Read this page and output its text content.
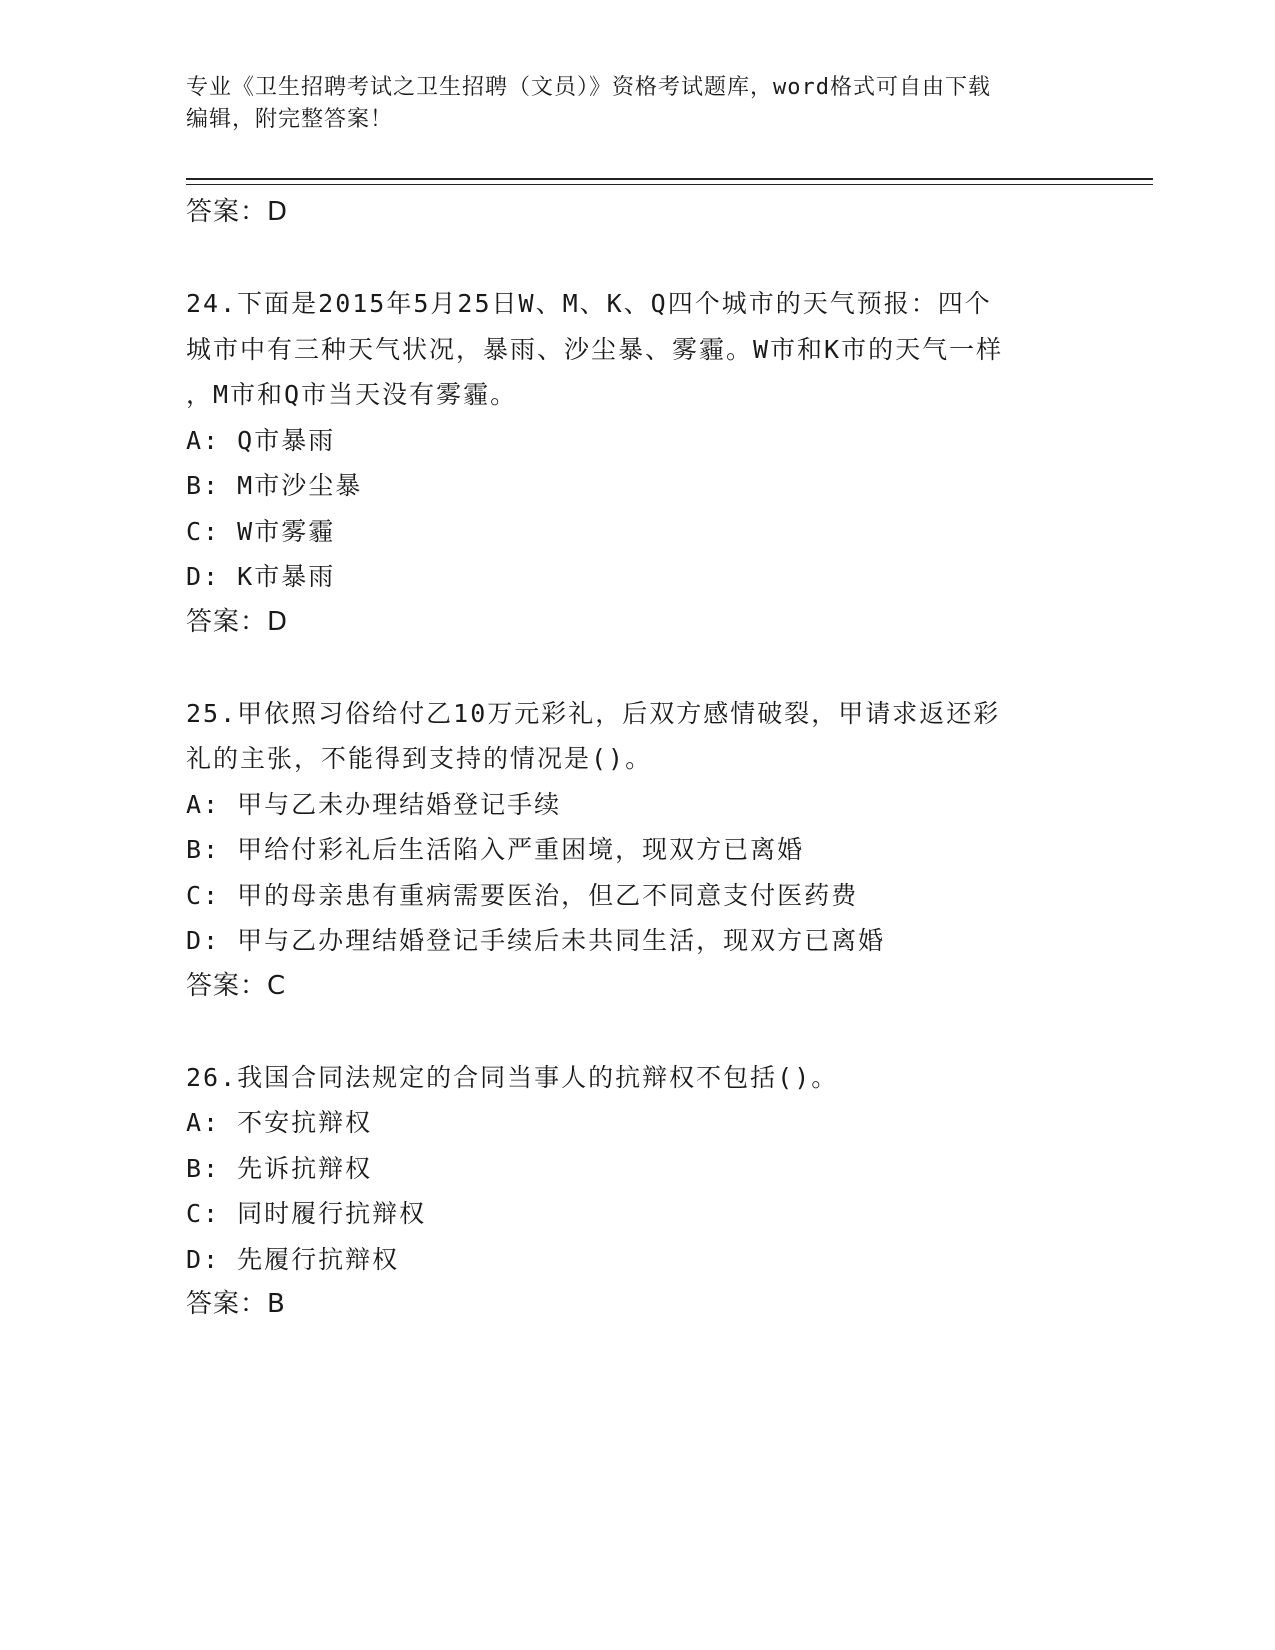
专业《卫生招聘考试之卫生招聘（文员）》资格考试题库，word格式可自由下载
编辑，附完整答案！
答案：D
24.下面是2015年5月25日W、M、K、Q四个城市的天气预报：四个
城市中有三种天气状况，暴雨、沙尘暴、雾霾。W市和K市的天气一样
，M市和Q市当天没有雾霾。
A: Q市暴雨
B: M市沙尘暴
C: W市雾霾
D: K市暴雨
答案：D
25.甲依照习俗给付乙10万元彩礼，后双方感情破裂，甲请求返还彩
礼的主张，不能得到支持的情况是()。
A: 甲与乙未办理结婚登记手续
B: 甲给付彩礼后生活陷入严重困境，现双方已离婚
C: 甲的母亲患有重病需要医治，但乙不同意支付医药费
D: 甲与乙办理结婚登记手续后未共同生活，现双方已离婚
答案：C
26.我国合同法规定的合同当事人的抗辩权不包括()。
A: 不安抗辩权
B: 先诉抗辩权
C: 同时履行抗辩权
D: 先履行抗辩权
答案：B
